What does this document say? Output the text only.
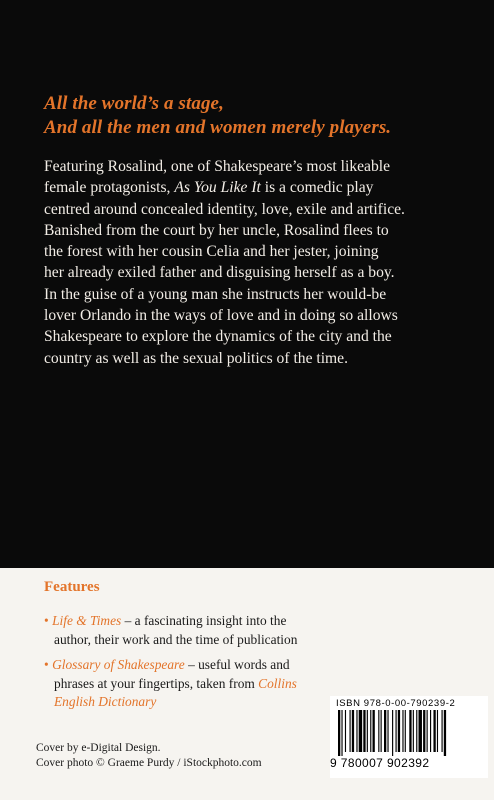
All the world’s a stage,
And all the men and women merely players.
Featuring Rosalind, one of Shakespeare’s most likeable
female protagonists, As You Like It is a comedic play
centred around concealed identity, love, exile and artifice.
Banished from the court by her uncle, Rosalind flees to
the forest with her cousin Celia and her jester, joining
her already exiled father and disguising herself as a boy.
In the guise of a young man she instructs her would-be
lover Orlando in the ways of love and in doing so allows
Shakespeare to explore the dynamics of the city and the
country as well as the sexual politics of the time.
Features
• Life & Times – a fascinating insight into the
author, their work and the time of publication
• Glossary of Shakespeare – useful words and
phrases at your fingertips, taken from Collins
English Dictionary
Cover by e-Digital Design.
Cover photo © Graeme Purdy / iStockphoto.com
ISBN 978-0-00-790239-2
9 780007 902392
